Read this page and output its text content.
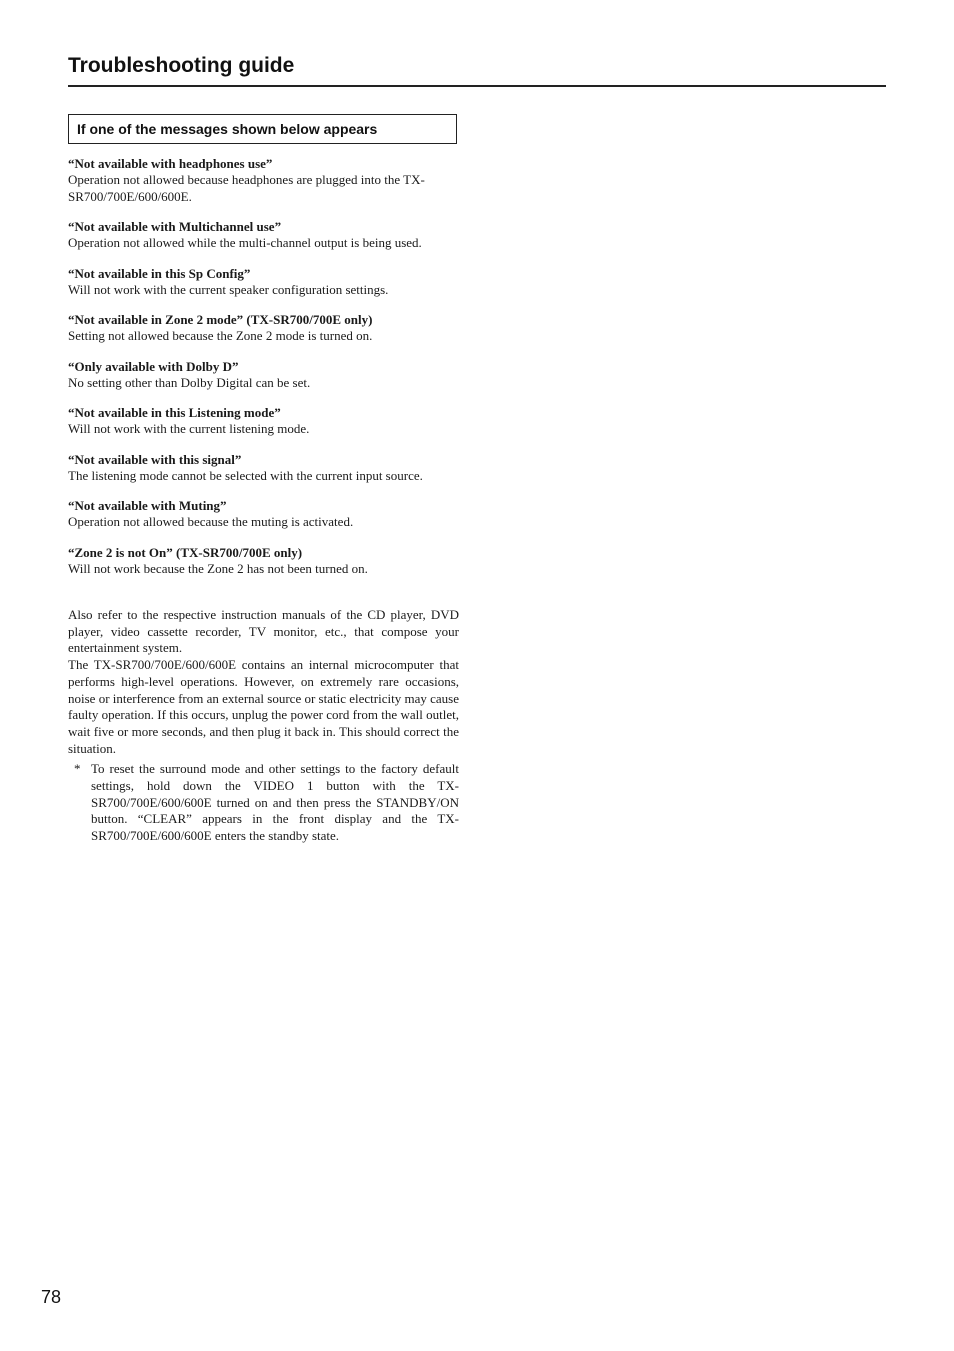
Troubleshooting guide
If one of the messages shown below appears

“Not available with headphones use”

Operation not allowed because headphones are plugged into the TX-SR700/700E/600/600E.

“Not available with Multichannel use”

Operation not allowed while the multi-channel output is being used.

“Not available in this Sp Config”

Will not work with the current speaker configuration settings.

“Not available in Zone 2 mode” (TX-SR700/700E only)

Setting not allowed because the Zone 2 mode is turned on.

“Only available with Dolby D”

No setting other than Dolby Digital can be set.

“Not available in this Listening mode”

Will not work with the current listening mode.

“Not available with this signal”

The listening mode cannot be selected with the current input source.

“Not available with Muting”

Operation not allowed because the muting is activated.

“Zone 2 is not On” (TX-SR700/700E only)

Will not work because the Zone 2 has not been turned on.

Also refer to the respective instruction manuals of the CD player, DVD player, video cassette recorder, TV monitor, etc., that compose your entertainment system.

The TX-SR700/700E/600/600E contains an internal microcomputer that performs high-level operations. However, on extremely rare occasions, noise or interference from an external source or static electricity may cause faulty operation. If this occurs, unplug the power cord from the wall outlet, wait five or more seconds, and then plug it back in. This should correct the situation.

* To reset the surround mode and other settings to the factory default settings, hold down the VIDEO 1 button with the TX-SR700/700E/600/600E turned on and then press the STANDBY/ON button. “CLEAR” appears in the front display and the TX-SR700/700E/600/600E enters the standby state.
78
